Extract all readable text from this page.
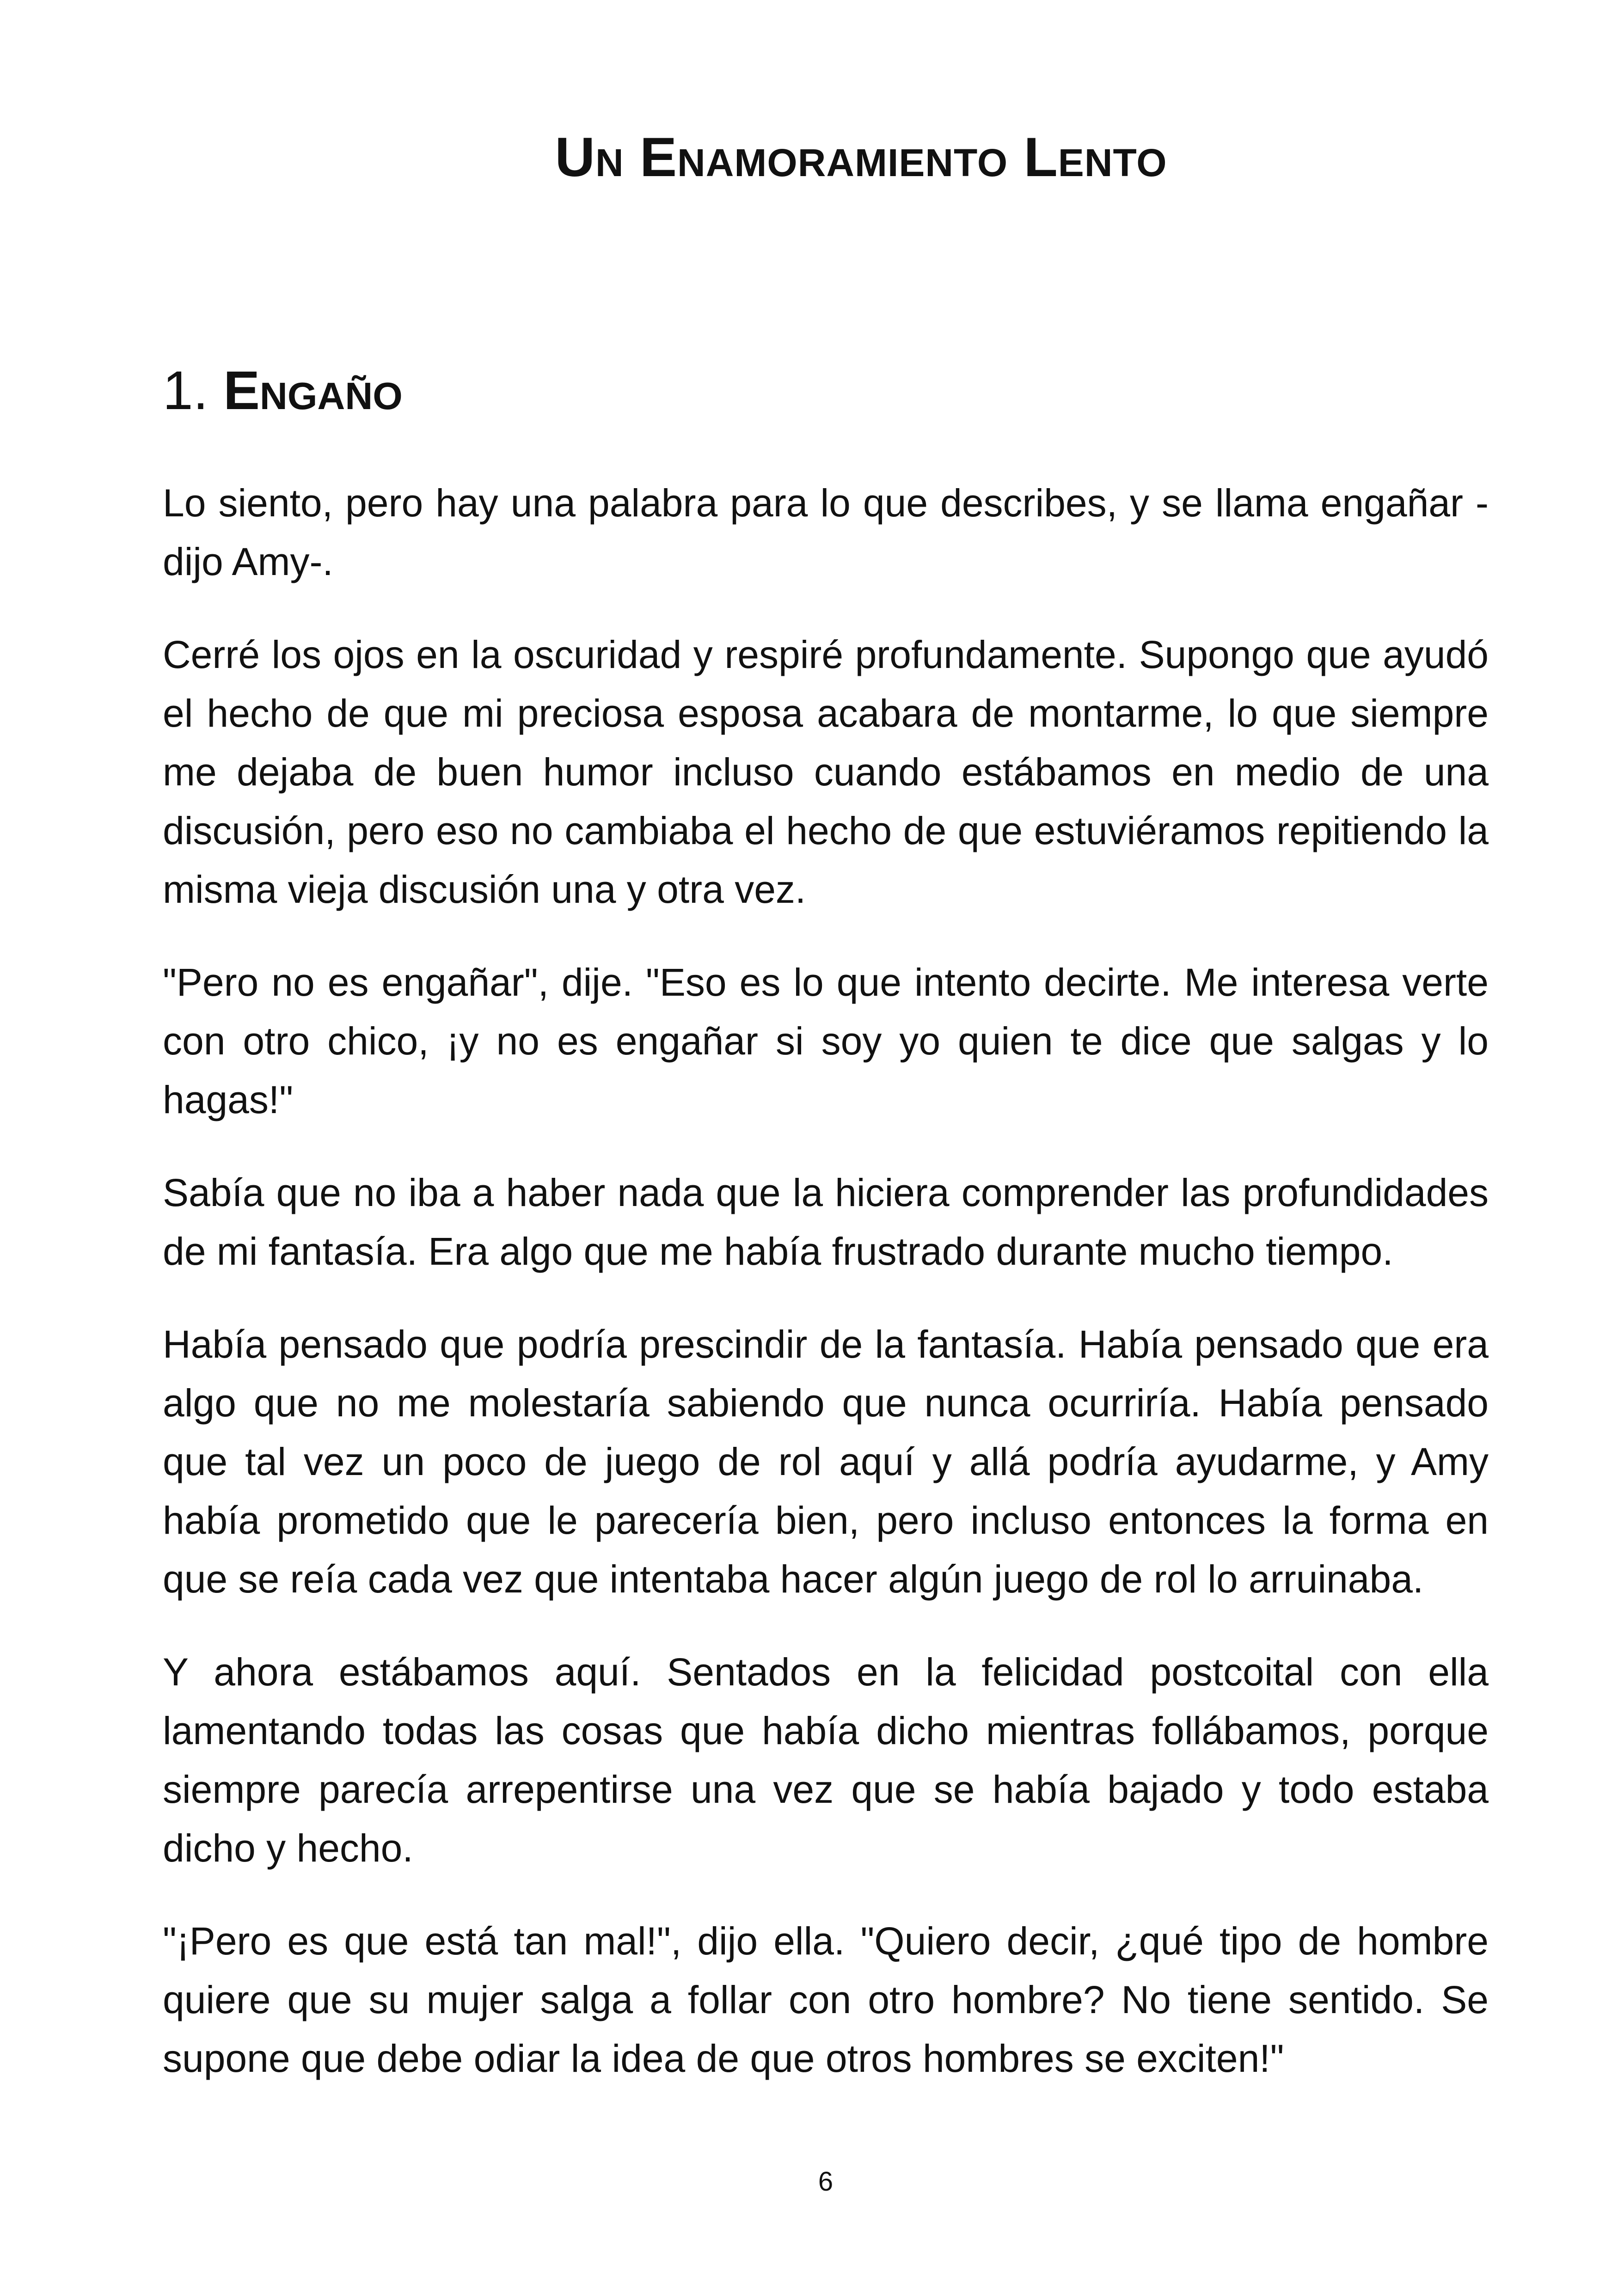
Un Enamoramiento Lento
1. Engaño

Lo siento, pero hay una palabra para lo que describes, y se llama engañar -dijo Amy-.

Cerré los ojos en la oscuridad y respiré profundamente. Supongo que ayudó el hecho de que mi preciosa esposa acabara de montarme, lo que siempre me dejaba de buen humor incluso cuando estábamos en medio de una discusión, pero eso no cambiaba el hecho de que estuviéramos repitiendo la misma vieja discusión una y otra vez.

"Pero no es engañar", dije. "Eso es lo que intento decirte. Me interesa verte con otro chico, ¡y no es engañar si soy yo quien te dice que salgas y lo hagas!"

Sabía que no iba a haber nada que la hiciera comprender las profundidades de mi fantasía. Era algo que me había frustrado durante mucho tiempo.

Había pensado que podría prescindir de la fantasía. Había pensado que era algo que no me molestaría sabiendo que nunca ocurriría. Había pensado que tal vez un poco de juego de rol aquí y allá podría ayudarme, y Amy había prometido que le parecería bien, pero incluso entonces la forma en que se reía cada vez que intentaba hacer algún juego de rol lo arruinaba.

Y ahora estábamos aquí. Sentados en la felicidad postcoital con ella lamentando todas las cosas que había dicho mientras follábamos, porque siempre parecía arrepentirse una vez que se había bajado y todo estaba dicho y hecho.

"¡Pero es que está tan mal!", dijo ella. "Quiero decir, ¿qué tipo de hombre quiere que su mujer salga a follar con otro hombre? No tiene sentido. Se supone que debe odiar la idea de que otros hombres se exciten!"

6
